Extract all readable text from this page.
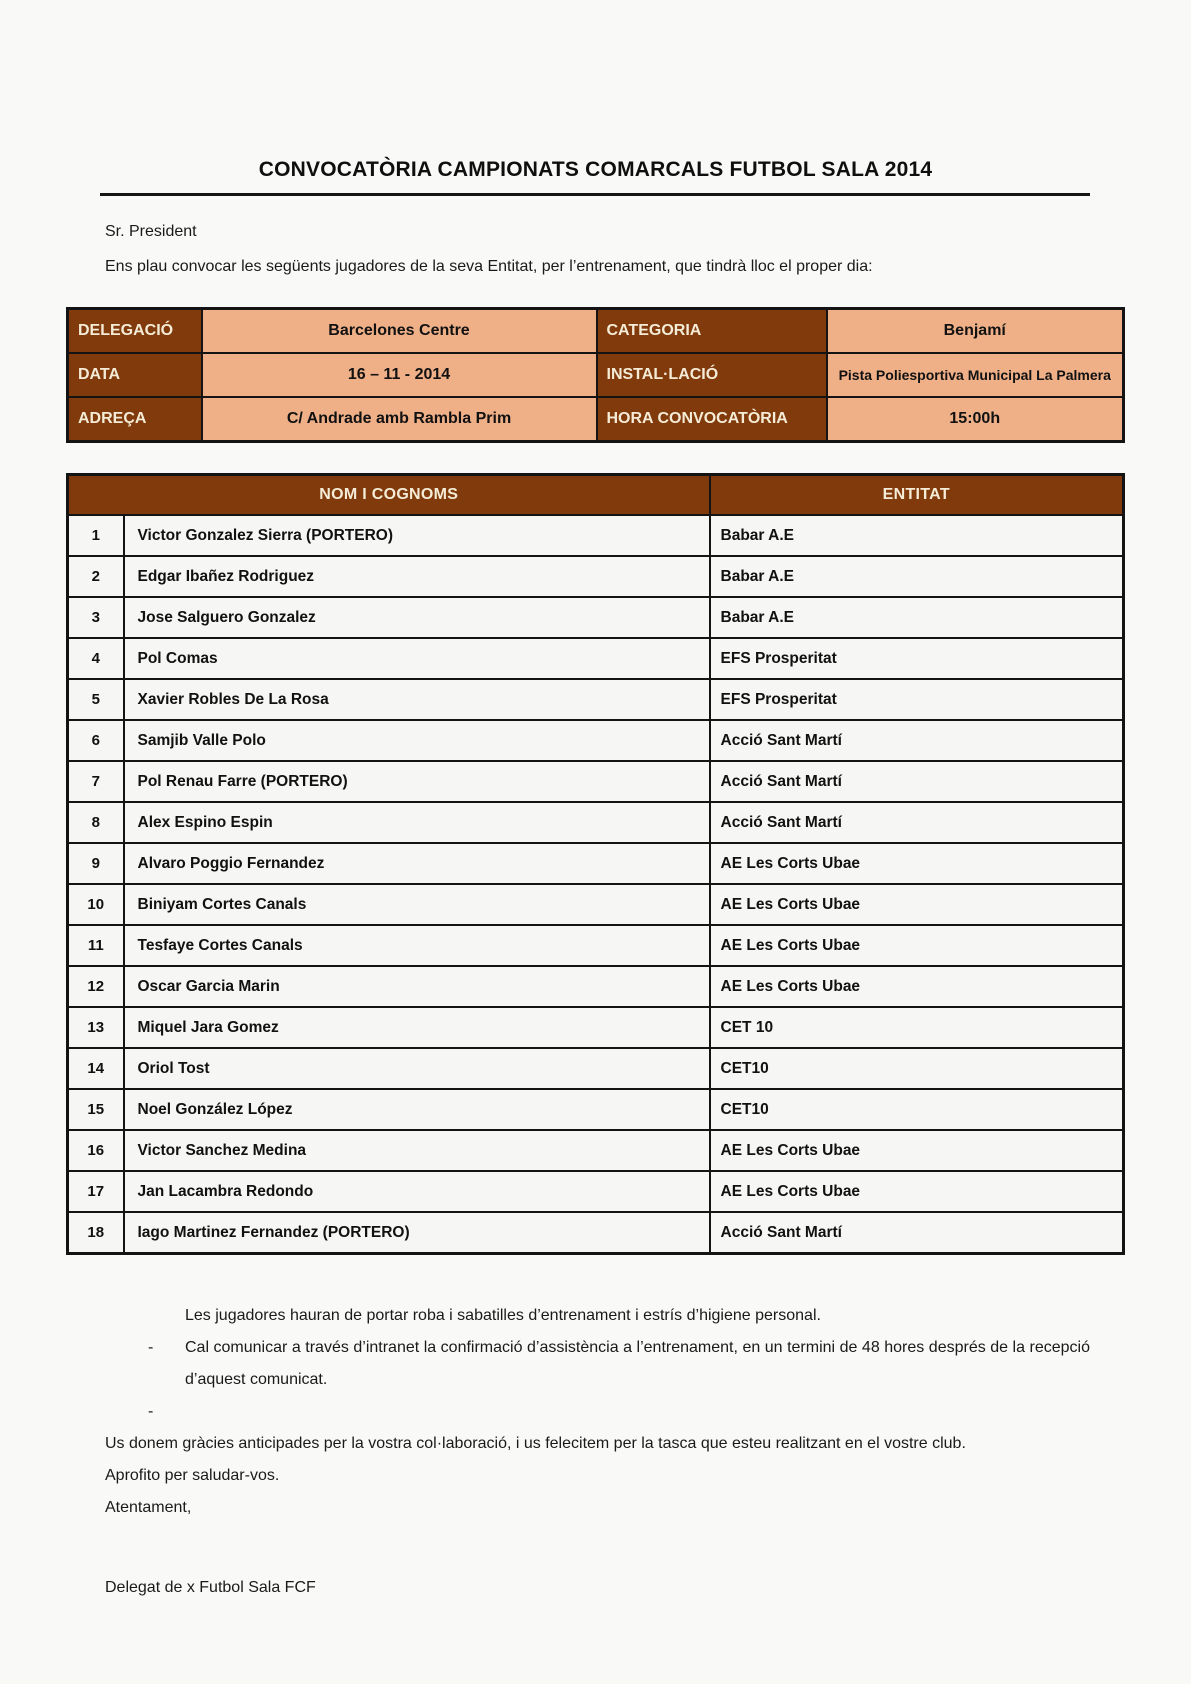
CONVOCATÒRIA CAMPIONATS COMARCALS FUTBOL SALA 2014

Sr. President

Ens plau convocar les següents jugadores de la seva Entitat, per l’entrenament, que tindrà lloc el proper dia:

DELEGACIÓ	Barcelones Centre	CATEGORIA	Benjamí
DATA	16 – 11 - 2014	INSTAL·LACIÓ	Pista Poliesportiva Municipal La Palmera
ADREÇA	C/ Andrade amb Rambla Prim	HORA CONVOCATÒRIA	15:00h
NOM I COGNOMS		ENTITAT
1	Victor Gonzalez Sierra (PORTERO)	Babar A.E
2	Edgar Ibañez Rodriguez	Babar A.E
3	Jose Salguero Gonzalez	Babar A.E
4	Pol Comas	EFS Prosperitat
5	Xavier Robles De La Rosa	EFS Prosperitat
6	Samjib Valle Polo	Acció Sant Martí
7	Pol Renau Farre (PORTERO)	Acció Sant Martí
8	Alex Espino Espin	Acció Sant Martí
9	Alvaro Poggio Fernandez	AE Les Corts Ubae
10	Biniyam Cortes Canals	AE Les Corts Ubae
11	Tesfaye Cortes Canals	AE Les Corts Ubae
12	Oscar Garcia Marin	AE Les Corts Ubae
13	Miquel Jara Gomez	CET 10
14	Oriol Tost	CET10
15	Noel González López	CET10
16	Victor Sanchez Medina	AE Les Corts Ubae
17	Jan Lacambra Redondo	AE Les Corts Ubae
18	Iago Martinez Fernandez (PORTERO)	Acció Sant Martí

Les jugadores hauran de portar roba i sabatilles d’entrenament i estrís d’higiene personal.

-	Cal comunicar a través d’intranet la confirmació d’assistència a l’entrenament, en un termini de 48 hores després de la recepció d’aquest comunicat.

-

Us donem gràcies anticipades per la vostra col·laboració, i us felecitem per la tasca que esteu realitzant en el vostre club.

Aprofito per saludar-vos.

Atentament,

Delegat de x Futbol Sala FCF
